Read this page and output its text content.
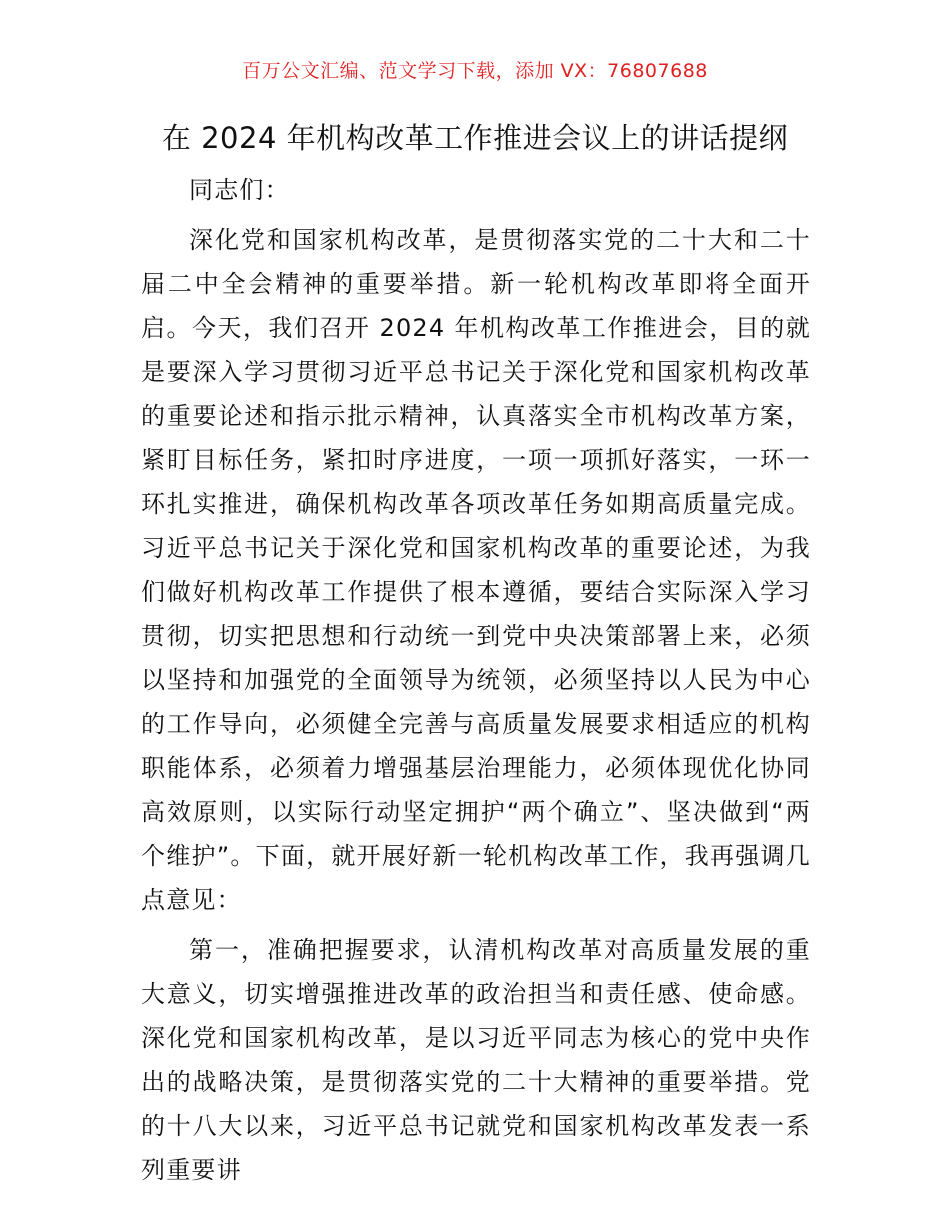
百万公文汇编、范文学习下载，添加 VX：76807688
在 2024 年机构改革工作推进会议上的讲话提纲

同志们：

深化党和国家机构改革，是贯彻落实党的二十大和二十届二中全会精神的重要举措。新一轮机构改革即将全面开启。今天，我们召开 2024 年机构改革工作推进会，目的就是要深入学习贯彻习近平总书记关于深化党和国家机构改革的重要论述和指示批示精神，认真落实全市机构改革方案，紧盯目标任务，紧扣时序进度，一项一项抓好落实，一环一环扎实推进，确保机构改革各项改革任务如期高质量完成。习近平总书记关于深化党和国家机构改革的重要论述，为我们做好机构改革工作提供了根本遵循，要结合实际深入学习贯彻，切实把思想和行动统一到党中央决策部署上来，必须以坚持和加强党的全面领导为统领，必须坚持以人民为中心的工作导向，必须健全完善与高质量发展要求相适应的机构职能体系，必须着力增强基层治理能力，必须体现优化协同高效原则，以实际行动坚定拥护“两个确立”、坚决做到“两个维护”。下面，就开展好新一轮机构改革工作，我再强调几点意见：

第一，准确把握要求，认清机构改革对高质量发展的重大意义，切实增强推进改革的政治担当和责任感、使命感。深化党和国家机构改革，是以习近平同志为核心的党中央作出的战略决策，是贯彻落实党的二十大精神的重要举措。党的十八大以来，习近平总书记就党和国家机构改革发表一系列重要讲
